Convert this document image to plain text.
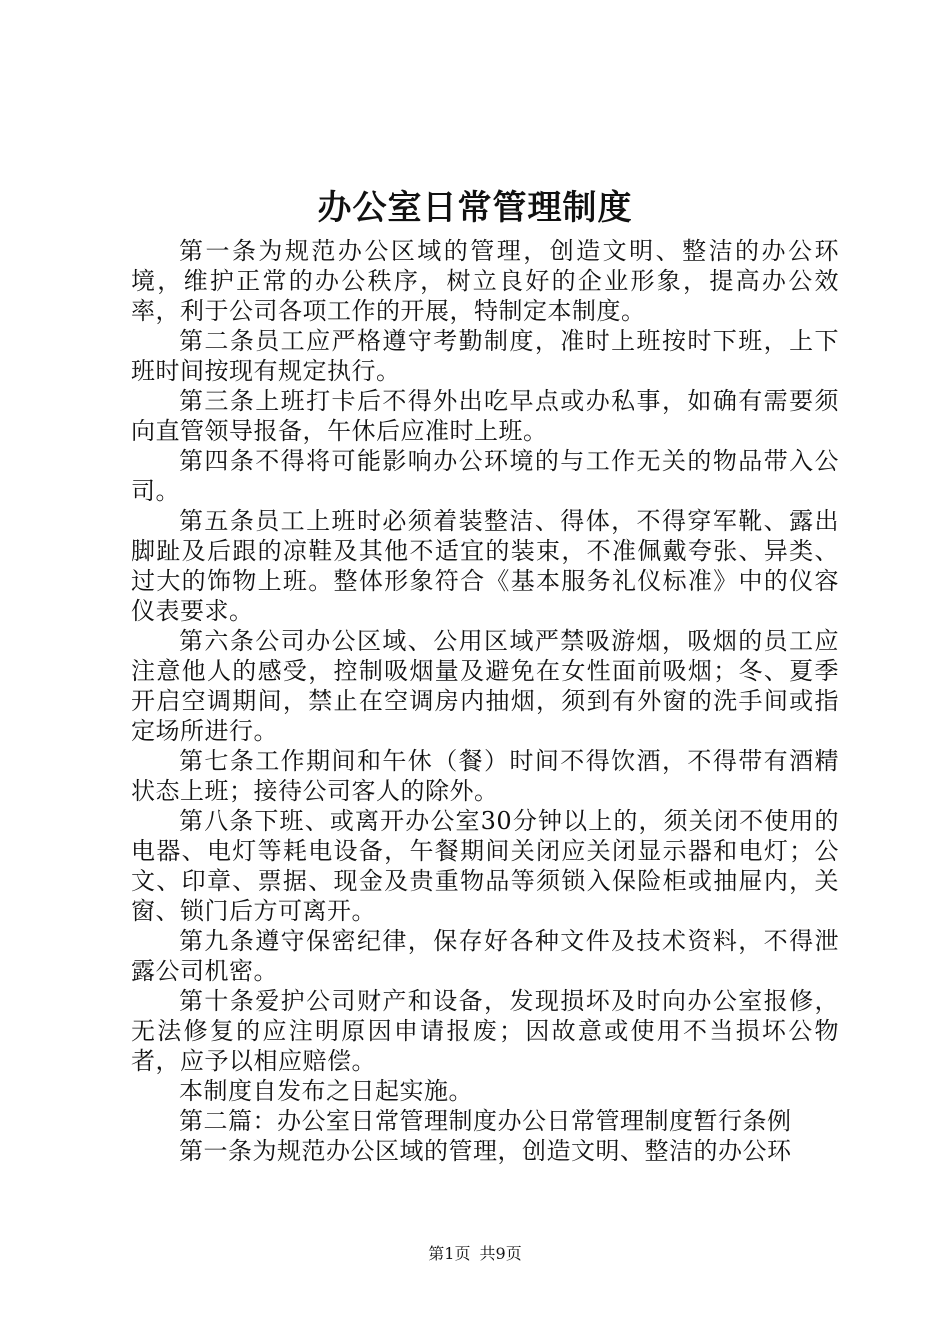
办公室日常管理制度

第一条为规范办公区域的管理，创造文明、整洁的办公环境，维护正常的办公秩序，树立良好的企业形象，提高办公效率，利于公司各项工作的开展，特制定本制度。

第二条员工应严格遵守考勤制度，准时上班按时下班，上下班时间按现有规定执行。

第三条上班打卡后不得外出吃早点或办私事，如确有需要须向直管领导报备，午休后应准时上班。

第四条不得将可能影响办公环境的与工作无关的物品带入公司。

第五条员工上班时必须着装整洁、得体，不得穿军靴、露出脚趾及后跟的凉鞋及其他不适宜的装束，不准佩戴夸张、异类、过大的饰物上班。整体形象符合《基本服务礼仪标准》中的仪容仪表要求。

第六条公司办公区域、公用区域严禁吸游烟，吸烟的员工应注意他人的感受，控制吸烟量及避免在女性面前吸烟；冬、夏季开启空调期间，禁止在空调房内抽烟，须到有外窗的洗手间或指定场所进行。

第七条工作期间和午休（餐）时间不得饮酒，不得带有酒精状态上班；接待公司客人的除外。

第八条下班、或离开办公室30分钟以上的，须关闭不使用的电器、电灯等耗电设备，午餐期间关闭应关闭显示器和电灯；公文、印章、票据、现金及贵重物品等须锁入保险柜或抽屉内，关窗、锁门后方可离开。

第九条遵守保密纪律，保存好各种文件及技术资料，不得泄露公司机密。

第十条爱护公司财产和设备，发现损坏及时向办公室报修，无法修复的应注明原因申请报废；因故意或使用不当损坏公物者，应予以相应赔偿。

本制度自发布之日起实施。

第二篇：办公室日常管理制度办公日常管理制度暂行条例

第一条为规范办公区域的管理，创造文明、整洁的办公环

第1页 共9页
